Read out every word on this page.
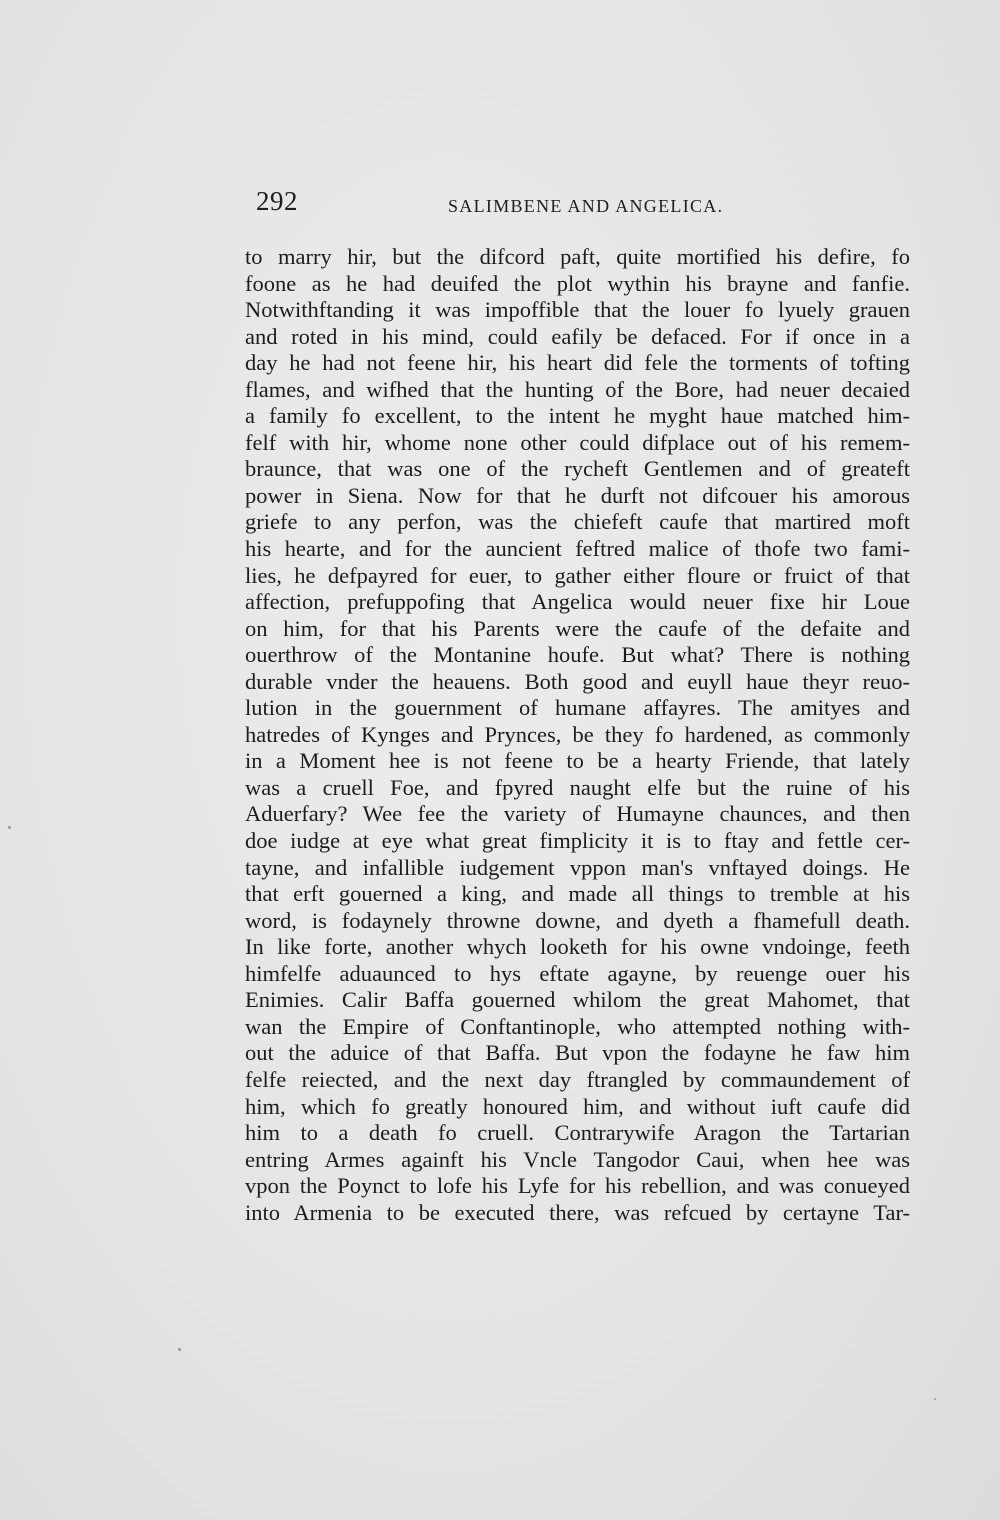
292	SALIMBENE AND ANGELICA.
to marry hir, but the difcord paft, quite mortified his defire, fo
foone as he had deuifed the plot wythin his brayne and fanfie.
Notwithftanding it was impoffible that the louer fo lyuely grauen
and roted in his mind, could eafily be defaced. For if once in a
day he had not feene hir, his heart did fele the torments of tofting
flames, and wifhed that the hunting of the Bore, had neuer decaied
a family fo excellent, to the intent he myght haue matched him-
felf with hir, whome none other could difplace out of his remem-
braunce, that was one of the rycheft Gentlemen and of greateft
power in Siena. Now for that he durft not difcouer his amorous
griefe to any perfon, was the chiefeft caufe that martired moft
his hearte, and for the auncient feftred malice of thofe two fami-
lies, he defpayred for euer, to gather either floure or fruict of that
affection, prefuppofing that Angelica would neuer fixe hir Loue
on him, for that his Parents were the caufe of the defaite and
ouerthrow of the Montanine houfe. But what? There is nothing
durable vnder the heauens. Both good and euyll haue theyr reuo-
lution in the gouernment of humane affayres. The amityes and
hatredes of Kynges and Prynces, be they fo hardened, as commonly
in a Moment hee is not feene to be a hearty Friende, that lately
was a cruell Foe, and fpyred naught elfe but the ruine of his
Aduerfary? Wee fee the variety of Humayne chaunces, and then
doe iudge at eye what great fimplicity it is to ftay and fettle cer-
tayne, and infallible iudgement vppon man's vnftayed doings. He
that erft gouerned a king, and made all things to tremble at his
word, is fodaynely throwne downe, and dyeth a fhamefull death.
In like forte, another whych looketh for his owne vndoinge, feeth
himfelfe aduaunced to hys eftate agayne, by reuenge ouer his
Enimies. Calir Baffa gouerned whilom the great Mahomet, that
wan the Empire of Conftantinople, who attempted nothing with-
out the aduice of that Baffa. But vpon the fodayne he faw him
felfe reiected, and the next day ftrangled by commaundement of
him, which fo greatly honoured him, and without iuft caufe did
him to a death fo cruell. Contrarywife Aragon the Tartarian
entring Armes againft his Vncle Tangodor Caui, when hee was
vpon the Poynct to lofe his Lyfe for his rebellion, and was conueyed
into Armenia to be executed there, was refcued by certayne Tar-
